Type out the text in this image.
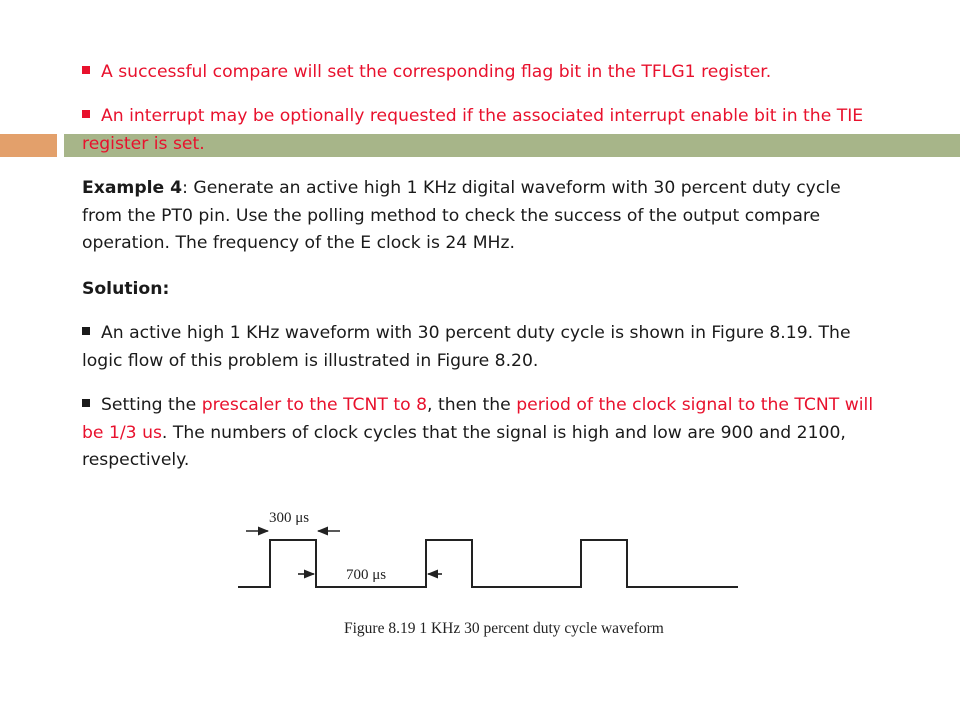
A successful compare will set the corresponding flag bit in the TFLG1 register.

An interrupt may be optionally requested if the associated interrupt enable bit in the TIE register is set.

Example 4: Generate an active high 1 KHz digital waveform with 30 percent duty cycle from the PT0 pin. Use the polling method to check the success of the output compare operation. The frequency of the E clock is 24 MHz.

Solution:

An active high 1 KHz waveform with 30 percent duty cycle is shown in Figure 8.19. The logic flow of this problem is illustrated in Figure 8.20.

Setting the prescaler to the TCNT to 8, then the period of the clock signal to the TCNT will be 1/3 us. The numbers of clock cycles that the signal is high and low are 900 and 2100, respectively.

300 μs
700 μs
Figure 8.19 1 KHz 30 percent duty cycle waveform
